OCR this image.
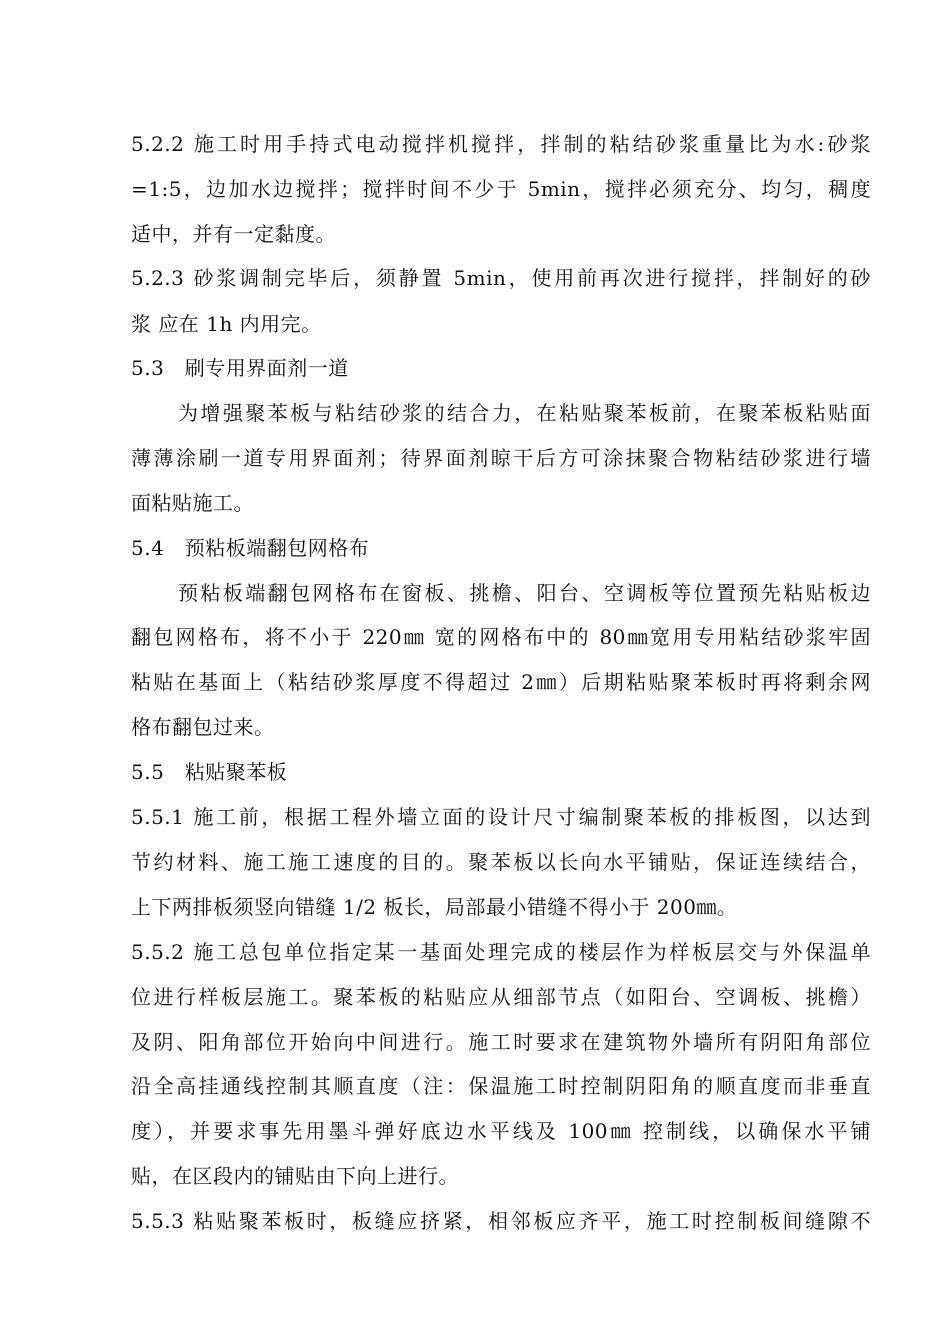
5.2.2 施工时用手持式电动搅拌机搅拌，拌制的粘结砂浆重量比为水:砂浆
=1:5，边加水边搅拌；搅拌时间不少于 5min，搅拌必须充分、均匀，稠度
适中，并有一定黏度。
5.2.3 砂浆调制完毕后，须静置 5min，使用前再次进行搅拌，拌制好的砂
浆 应在 1h 内用完。
5.3　刷专用界面剂一道
为增强聚苯板与粘结砂浆的结合力，在粘贴聚苯板前，在聚苯板粘贴面
薄薄涂刷一道专用界面剂；待界面剂晾干后方可涂抹聚合物粘结砂浆进行墙
面粘贴施工。
5.4　预粘板端翻包网格布
预粘板端翻包网格布在窗板、挑檐、阳台、空调板等位置预先粘贴板边
翻包网格布，将不小于 220㎜ 宽的网格布中的 80㎜宽用专用粘结砂浆牢固
粘贴在基面上（粘结砂浆厚度不得超过 2㎜）后期粘贴聚苯板时再将剩余网
格布翻包过来。
5.5　粘贴聚苯板
5.5.1 施工前，根据工程外墙立面的设计尺寸编制聚苯板的排板图，以达到
节约材料、施工施工速度的目的。聚苯板以长向水平铺贴，保证连续结合，
上下两排板须竖向错缝 1/2 板长，局部最小错缝不得小于 200㎜。
5.5.2 施工总包单位指定某一基面处理完成的楼层作为样板层交与外保温单
位进行样板层施工。聚苯板的粘贴应从细部节点（如阳台、空调板、挑檐）
及阴、阳角部位开始向中间进行。施工时要求在建筑物外墙所有阴阳角部位
沿全高挂通线控制其顺直度（注：保温施工时控制阴阳角的顺直度而非垂直
度），并要求事先用墨斗弹好底边水平线及 100㎜ 控制线，以确保水平铺
贴，在区段内的铺贴由下向上进行。
5.5.3 粘贴聚苯板时，板缝应挤紧，相邻板应齐平，施工时控制板间缝隙不
